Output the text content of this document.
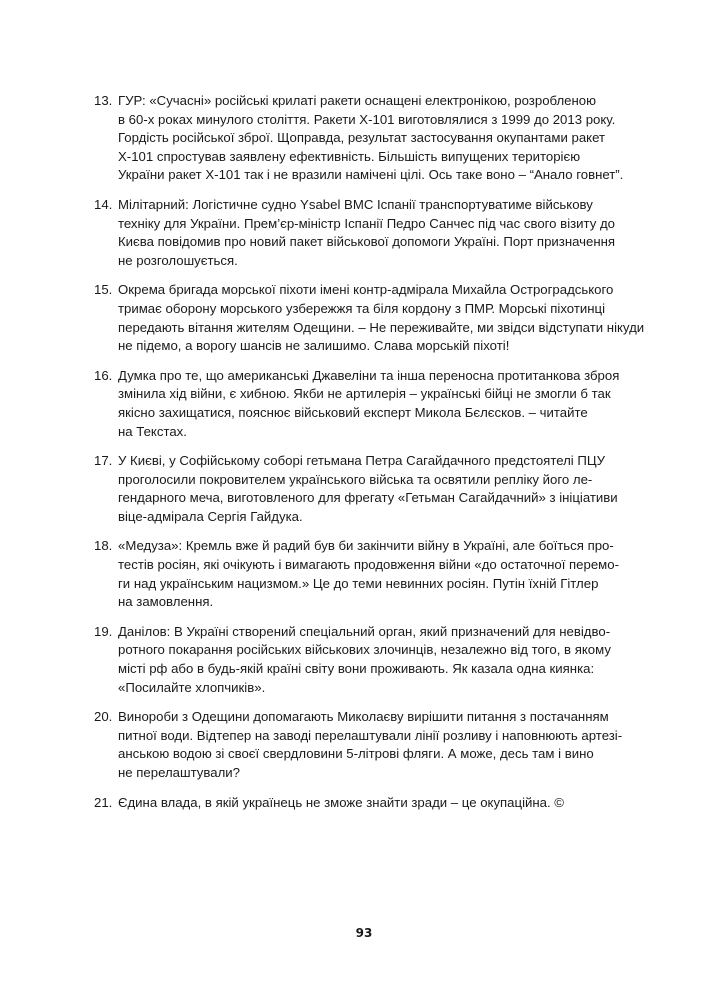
13. ГУР: «Сучасні» російські крилаті ракети оснащені електронікою, розробленою
в 60-х роках минулого століття. Ракети Х-101 виготовлялися з 1999 до 2013 року.
Гордість російської зброї. Щоправда, результат застосування окупантами ракет
Х-101 спростував заявлену ефективність. Більшість випущених територією
України ракет Х-101 так і не вразили намічені цілі. Ось таке воно – “Анало говнет”.
14. Мілітарний: Логістичне судно Ysabel ВМС Іспанії транспортуватиме військову
техніку для України. Прем’єр-міністр Іспанії Педро Санчес під час свого візиту до
Києва повідомив про новий пакет військової допомоги Україні. Порт призначення
не розголошується.
15. Окрема бригада морської піхоти імені контр-адмірала Михайла Остроградського
тримає оборону морського узбережжя та біля кордону з ПМР. Морські піхотинці
передають вітання жителям Одещини. – Не переживайте, ми звідси відступати нікуди
не підемо, а ворогу шансів не залишимо. Слава морській піхоті!
16. Думка про те, що американські Джавеліни та інша переносна протитанкова зброя
змінила хід війни, є хибною. Якби не артилерія – українські бійці не змогли б так
якісно захищатися, пояснює військовий експерт Микола Бєлєсков. – читайте
на Текстах.
17. У Києві, у Софійському соборі гетьмана Петра Сагайдачного предстоятелі ПЦУ
проголосили покровителем українського війська та освятили репліку його ле-
гендарного меча, виготовленого для фрегату «Гетьман Сагайдачний» з ініціативи
віце-адмірала Сергія Гайдука.
18. «Медуза»: Кремль вже й радий був би закінчити війну в Україні, але боїться про-
тестів росіян, які очікують і вимагають продовження війни «до остаточної перемо-
ги над українським нацизмом.» Це до теми невинних росіян. Путін їхній Гітлер
на замовлення.
19. Данілов: В Україні створений спеціальний орган, який призначений для невідво-
ротного покарання російських військових злочинців, незалежно від того, в якому
місті рф або в будь-якій країні світу вони проживають. Як казала одна киянка:
«Посилайте хлопчиків».
20. Винороби з Одещини допомагають Миколаєву вирішити питання з постачанням
питної води. Відтепер на заводі перелаштували лінії розливу і наповнюють артезі-
анською водою зі своєї свердловини 5-літрові фляги. А може, десь там і вино
не перелаштували?
21. Єдина влада, в якій українець не зможе знайти зради – це окупаційна. ©
93
